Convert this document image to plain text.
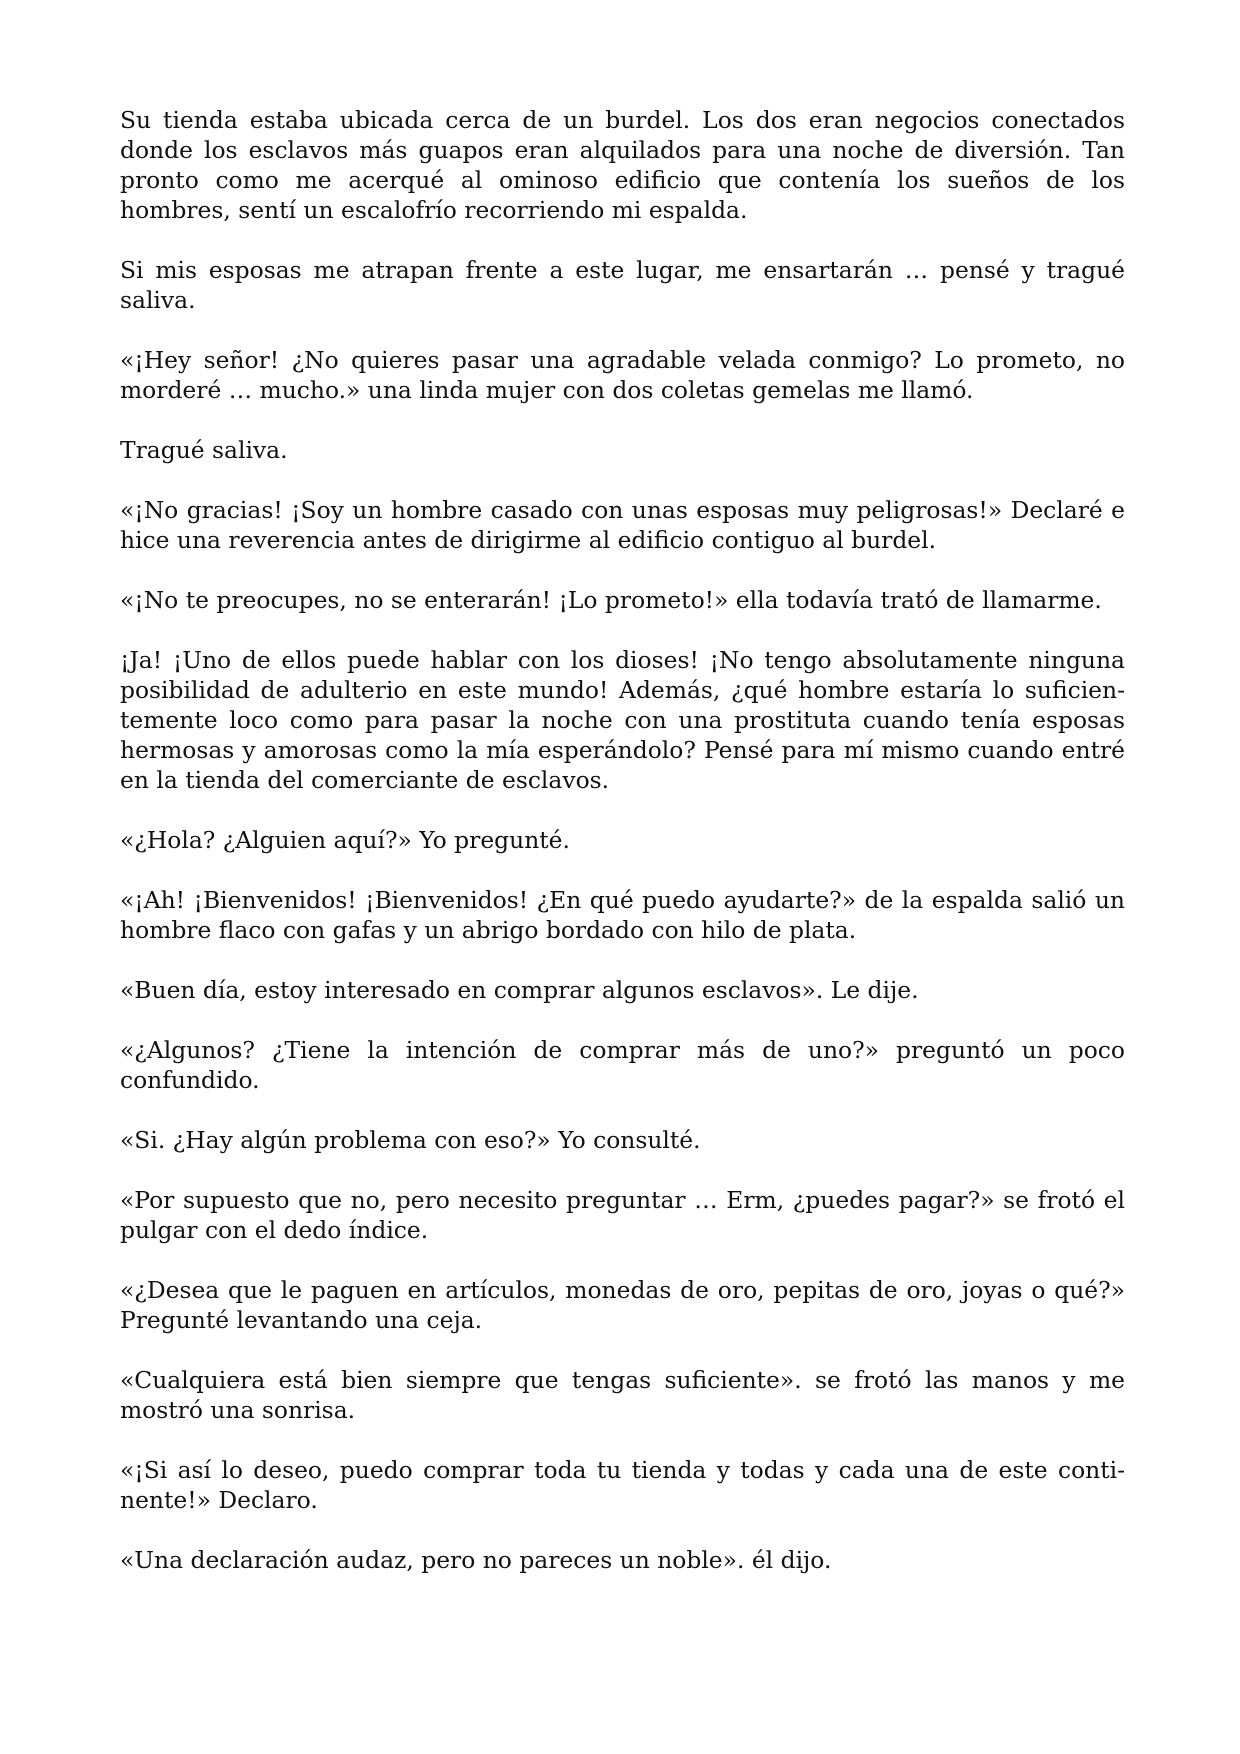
Su tienda estaba ubicada cerca de un burdel. Los dos eran negocios conectados donde los esclavos más guapos eran alquilados para una noche de diversión. Tan pronto como me acerqué al ominoso edificio que contenía los sueños de los hombres, sentí un escalofrío recorriendo mi espalda.

Si mis esposas me atrapan frente a este lugar, me ensartarán … pensé y tragué saliva.

«¡Hey señor! ¿No quieres pasar una agradable velada conmigo? Lo prometo, no morderé … mucho.» una linda mujer con dos coletas gemelas me llamó.

Tragué saliva.

«¡No gracias! ¡Soy un hombre casado con unas esposas muy peligrosas!» Declaré e hice una reverencia antes de dirigirme al edificio contiguo al burdel.

«¡No te preocupes, no se enterarán! ¡Lo prometo!» ella todavía trató de llamarme.

¡Ja! ¡Uno de ellos puede hablar con los dioses! ¡No tengo absolutamente ninguna posibilidad de adulterio en este mundo! Además, ¿qué hombre estaría lo suficientemente loco como para pasar la noche con una prostituta cuando tenía esposas hermosas y amorosas como la mía esperándolo? Pensé para mí mismo cuando entré en la tienda del comerciante de esclavos.

«¿Hola? ¿Alguien aquí?» Yo pregunté.

«¡Ah! ¡Bienvenidos! ¡Bienvenidos! ¿En qué puedo ayudarte?» de la espalda salió un hombre flaco con gafas y un abrigo bordado con hilo de plata.

«Buen día, estoy interesado en comprar algunos esclavos». Le dije.

«¿Algunos? ¿Tiene la intención de comprar más de uno?» preguntó un poco confundido.

«Si. ¿Hay algún problema con eso?» Yo consulté.

«Por supuesto que no, pero necesito preguntar … Erm, ¿puedes pagar?» se frotó el pulgar con el dedo índice.

«¿Desea que le paguen en artículos, monedas de oro, pepitas de oro, joyas o qué?» Pregunté levantando una ceja.

«Cualquiera está bien siempre que tengas suficiente». se frotó las manos y me mostró una sonrisa.

«¡Si así lo deseo, puedo comprar toda tu tienda y todas y cada una de este continente!» Declaro.

«Una declaración audaz, pero no pareces un noble». él dijo.
